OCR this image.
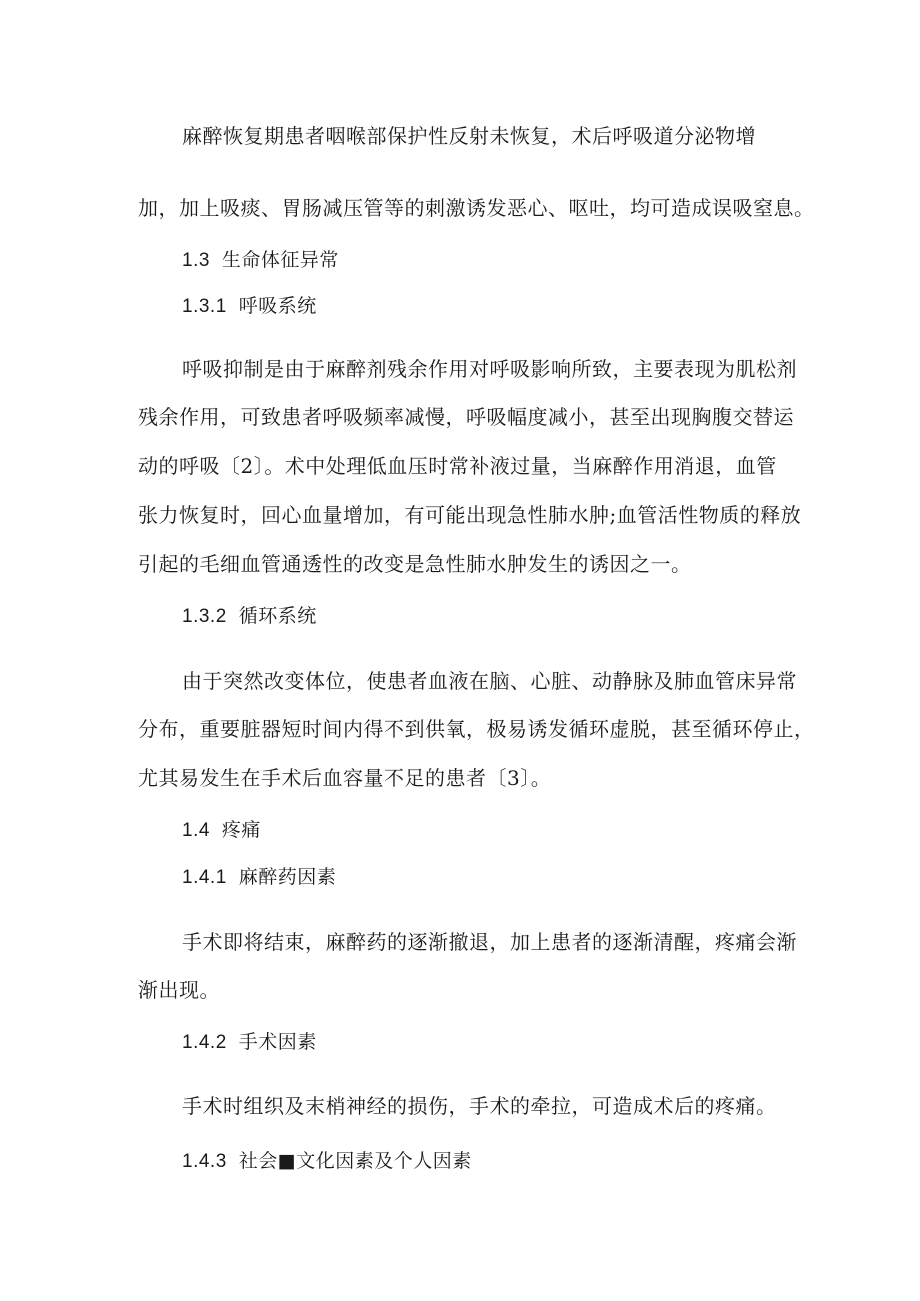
麻醉恢复期患者咽喉部保护性反射未恢复，术后呼吸道分泌物增
加，加上吸痰、胃肠减压管等的刺激诱发恶心、呕吐，均可造成误吸窒息。
1.3 生命体征异常
1.3.1 呼吸系统
呼吸抑制是由于麻醉剂残余作用对呼吸影响所致，主要表现为肌松剂
残余作用，可致患者呼吸频率减慢，呼吸幅度减小，甚至出现胸腹交替运
动的呼吸〔2〕。术中处理低血压时常补液过量，当麻醉作用消退，血管
张力恢复时，回心血量增加，有可能出现急性肺水肿;血管活性物质的释放
引起的毛细血管通透性的改变是急性肺水肿发生的诱因之一。
1.3.2 循环系统
由于突然改变体位，使患者血液在脑、心脏、动静脉及肺血管床异常
分布，重要脏器短时间内得不到供氧，极易诱发循环虚脱，甚至循环停止，
尤其易发生在手术后血容量不足的患者〔3〕。
1.4 疼痛
1.4.1 麻醉药因素
手术即将结束，麻醉药的逐渐撤退，加上患者的逐渐清醒，疼痛会渐
渐出现。
1.4.2 手术因素
手术时组织及末梢神经的损伤，手术的牵拉，可造成术后的疼痛。
1.4.3 社会■文化因素及个人因素
